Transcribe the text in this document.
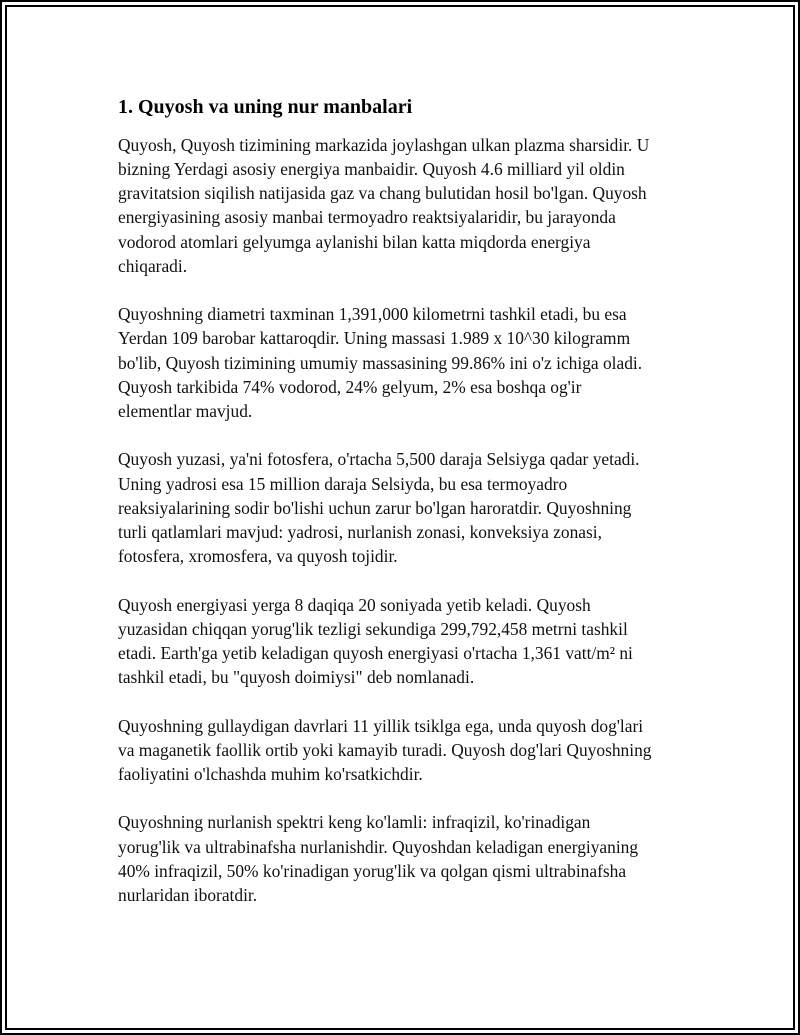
1. Quyosh va uning nur manbalari

Quyosh, Quyosh tizimining markazida joylashgan ulkan plazma sharsidir. U
bizning Yerdagi asosiy energiya manbaidir. Quyosh 4.6 milliard yil oldin
gravitatsion siqilish natijasida gaz va chang bulutidan hosil bo'lgan. Quyosh
energiyasining asosiy manbai termoyadro reaktsiyalaridir, bu jarayonda
vodorod atomlari gelyumga aylanishi bilan katta miqdorda energiya
chiqaradi.

Quyoshning diametri taxminan 1,391,000 kilometrni tashkil etadi, bu esa
Yerdan 109 barobar kattaroqdir. Uning massasi 1.989 x 10^30 kilogramm
bo'lib, Quyosh tizimining umumiy massasining 99.86% ini o'z ichiga oladi.
Quyosh tarkibida 74% vodorod, 24% gelyum, 2% esa boshqa og'ir
elementlar mavjud.

Quyosh yuzasi, ya'ni fotosfera, o'rtacha 5,500 daraja Selsiyga qadar yetadi.
Uning yadrosi esa 15 million daraja Selsiyda, bu esa termoyadro
reaksiyalarining sodir bo'lishi uchun zarur bo'lgan haroratdir. Quyoshning
turli qatlamlari mavjud: yadrosi, nurlanish zonasi, konveksiya zonasi,
fotosfera, xromosfera, va quyosh tojidir.

Quyosh energiyasi yerga 8 daqiqa 20 soniyada yetib keladi. Quyosh
yuzasidan chiqqan yorug'lik tezligi sekundiga 299,792,458 metrni tashkil
etadi. Earth'ga yetib keladigan quyosh energiyasi o'rtacha 1,361 vatt/m² ni
tashkil etadi, bu "quyosh doimiysi" deb nomlanadi.

Quyoshning gullaydigan davrlari 11 yillik tsiklga ega, unda quyosh dog'lari
va maganetik faollik ortib yoki kamayib turadi. Quyosh dog'lari Quyoshning
faoliyatini o'lchashda muhim ko'rsatkichdir.

Quyoshning nurlanish spektri keng ko'lamli: infraqizil, ko'rinadigan
yorug'lik va ultrabinafsha nurlanishdir. Quyoshdan keladigan energiyaning
40% infraqizil, 50% ko'rinadigan yorug'lik va qolgan qismi ultrabinafsha
nurlaridan iboratdir.
